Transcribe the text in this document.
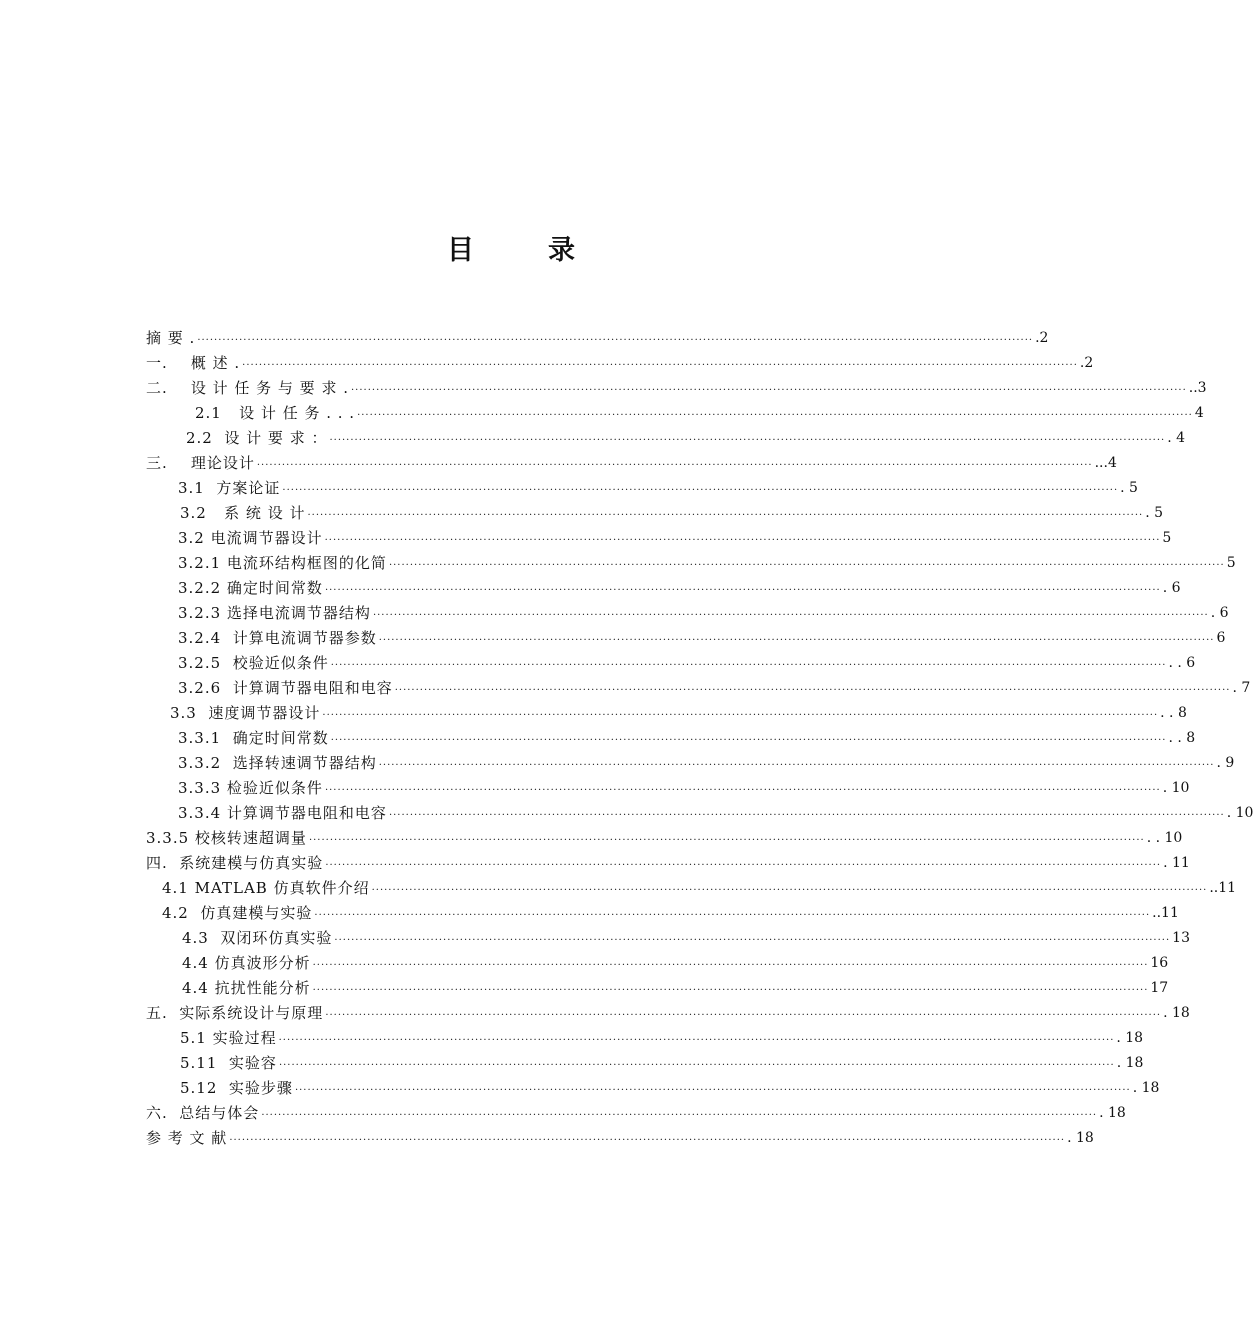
目	录
摘 要 . ········································································································································································································ .2
一.    概 述 . ········································································································································································································ .2
二.    设 计 任 务 与 要 求 . ········································································································································································································ ..3
2.1   设 计 任 务 . . . ········································································································································································································ 4
2.2  设 计 要 求 ： ········································································································································································································ . 4
三.    理论设计 ········································································································································································································ ...4
3.1  方案论证 ········································································································································································································ . 5
3.2   系 统 设 计 ········································································································································································································ . 5
3.2 电流调节器设计 ········································································································································································································ 5
3.2.1 电流环结构框图的化简 ········································································································································································································ 5
3.2.2 确定时间常数 ········································································································································································································ . 6
3.2.3 选择电流调节器结构 ········································································································································································································ . 6
3.2.4  计算电流调节器参数 ········································································································································································································ 6
3.2.5  校验近似条件 ········································································································································································································ . . 6
3.2.6  计算调节器电阻和电容 ········································································································································································································ . 7
3.3  速度调节器设计 ········································································································································································································ . . 8
3.3.1  确定时间常数 ········································································································································································································ . . 8
3.3.2  选择转速调节器结构 ········································································································································································································ . 9
3.3.3 检验近似条件 ········································································································································································································ . 10
3.3.4 计算调节器电阻和电容 ········································································································································································································ . 10
3.3.5 校核转速超调量 ········································································································································································································ . . 10
四.  系统建模与仿真实验 ········································································································································································································ . 11
4.1 MATLAB 仿真软件介绍 ········································································································································································································ ..11
4.2  仿真建模与实验 ········································································································································································································ ..11
4.3  双闭环仿真实验 ········································································································································································································ 13
4.4 仿真波形分析 ········································································································································································································ 16
4.4 抗扰性能分析 ········································································································································································································ 17
五.  实际系统设计与原理 ········································································································································································································ . 18
5.1 实验过程 ········································································································································································································ . 18
5.11  实验容 ········································································································································································································ . 18
5.12  实验步骤 ········································································································································································································ . 18
六.  总结与体会 ········································································································································································································ . 18
参 考 文 献 ········································································································································································································ . 18
